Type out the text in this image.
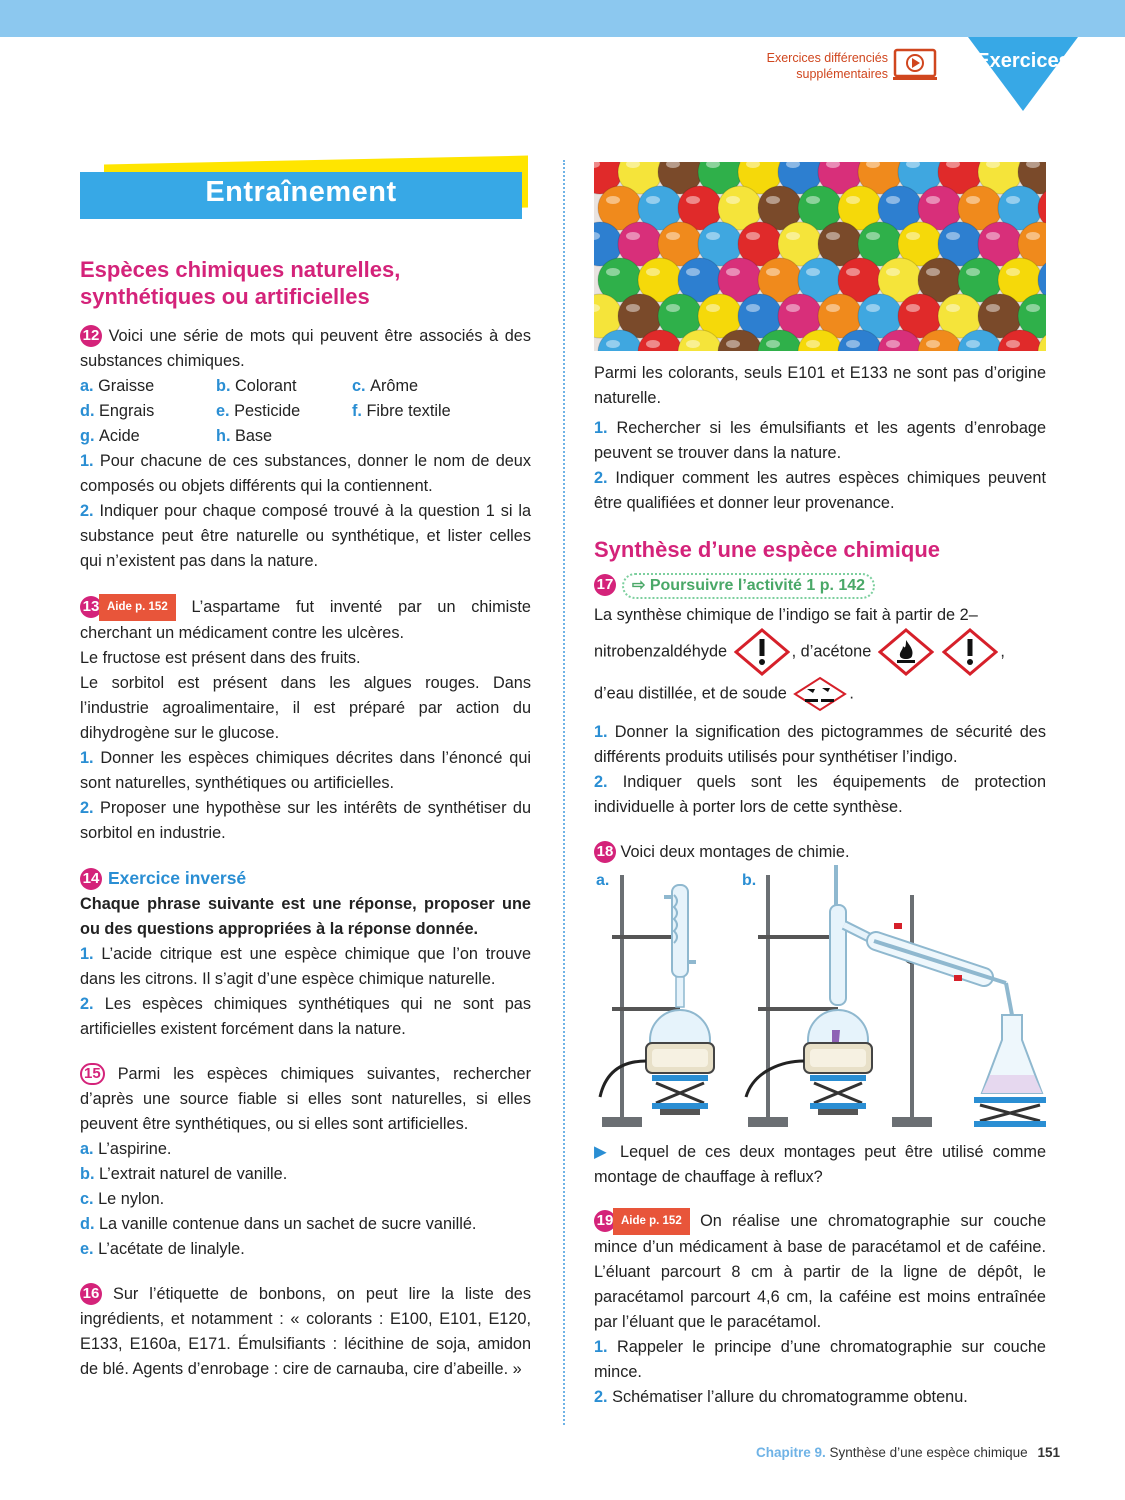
Exercices différenciés
supplémentaires
Exercices
Entraînement
Espèces chimiques naturelles,
synthétiques ou artificielles

12 Voici une série de mots qui peuvent être associés à des substances chimiques.

a. Graisse	b. Colorant	c. Arôme

d. Engrais	e. Pesticide	f. Fibre textile

g. Acide	h. Base

1. Pour chacune de ces substances, donner le nom de deux composés ou objets différents qui la contiennent.

2. Indiquer pour chaque composé trouvé à la question 1 si la substance peut être naturelle ou synthétique, et lister celles qui n’existent pas dans la nature.

13 Aide p. 152 L’aspartame fut inventé par un chimiste cherchant un médicament contre les ulcères.

Le fructose est présent dans des fruits.

Le sorbitol est présent dans les algues rouges. Dans l’industrie agroalimentaire, il est préparé par action du dihydrogène sur le glucose.

1. Donner les espèces chimiques décrites dans l’énoncé qui sont naturelles, synthétiques ou artificielles.

2. Proposer une hypothèse sur les intérêts de synthétiser du sorbitol en industrie.

14 Exercice inversé

Chaque phrase suivante est une réponse, proposer une ou des questions appropriées à la réponse donnée.

1. L’acide citrique est une espèce chimique que l’on trouve dans les citrons. Il s’agit d’une espèce chimique naturelle.

2. Les espèces chimiques synthétiques qui ne sont pas artificielles existent forcément dans la nature.

15 Parmi les espèces chimiques suivantes, rechercher d’après une source fiable si elles sont naturelles, si elles peuvent être synthétiques, ou si elles sont artificielles.

a. L’aspirine.

b. L’extrait naturel de vanille.

c. Le nylon.

d. La vanille contenue dans un sachet de sucre vanillé.

e. L’acétate de linalyle.

16 Sur l’étiquette de bonbons, on peut lire la liste des ingrédients, et notamment : « colorants : E100, E101, E120, E133, E160a, E171. Émulsifiants : lécithine de soja, amidon de blé. Agents d’enrobage : cire de carnauba, cire d’abeille. »

Parmi les colorants, seuls E101 et E133 ne sont pas d’origine naturelle.

1. Rechercher si les émulsifiants et les agents d’enrobage peuvent se trouver dans la nature.

2. Indiquer comment les autres espèces chimiques peuvent être qualifiées et donner leur provenance.

Synthèse d’une espèce chimique

17 ⇨ Poursuivre l’activité 1 p. 142

La synthèse chimique de l’indigo se fait à partir de 2–

nitrobenzaldéhyde	, d’acétone	,

d’eau distillée, et de soude	.

1. Donner la signification des pictogrammes de sécurité des différents produits utilisés pour synthétiser l’indigo.

2. Indiquer quels sont les équipements de protection individuelle à porter lors de cette synthèse.

18 Voici deux montages de chimie.

a.	b.

▶ Lequel de ces deux montages peut être utilisé comme montage de chauffage à reflux?

19 Aide p. 152 On réalise une chromatographie sur couche mince d’un médicament à base de paracétamol et de caféine. L’éluant parcourt 8 cm à partir de la ligne de dépôt, le paracétamol parcourt 4,6 cm, la caféine est moins entraînée par l’éluant que le paracétamol.

1. Rappeler le principe d’une chromatographie sur couche mince.

2. Schématiser l’allure du chromatogramme obtenu.

Chapitre 9. Synthèse d’une espèce chimique 151
